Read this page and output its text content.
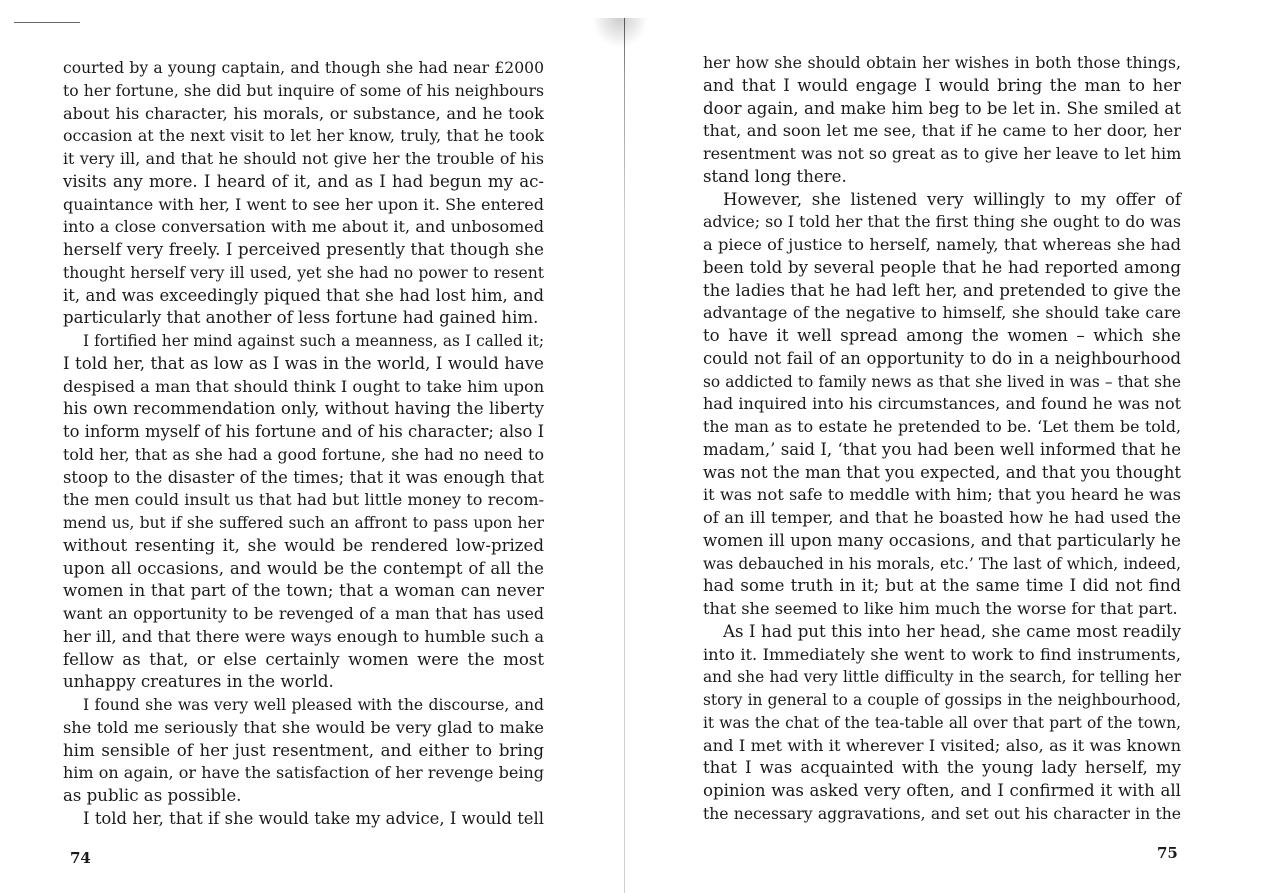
courted by a young captain, and though she had near £2000
to her fortune, she did but inquire of some of his neighbours
about his character, his morals, or substance, and he took
occasion at the next visit to let her know, truly, that he took
it very ill, and that he should not give her the trouble of his
visits any more. I heard of it, and as I had begun my ac-
quaintance with her, I went to see her upon it. She entered
into a close conversation with me about it, and unbosomed
herself very freely. I perceived presently that though she
thought herself very ill used, yet she had no power to resent
it, and was exceedingly piqued that she had lost him, and
particularly that another of less fortune had gained him.
I fortified her mind against such a meanness, as I called it;
I told her, that as low as I was in the world, I would have
despised a man that should think I ought to take him upon
his own recommendation only, without having the liberty
to inform myself of his fortune and of his character; also I
told her, that as she had a good fortune, she had no need to
stoop to the disaster of the times; that it was enough that
the men could insult us that had but little money to recom-
mend us, but if she suffered such an affront to pass upon her
without resenting it, she would be rendered low-prized
upon all occasions, and would be the contempt of all the
women in that part of the town; that a woman can never
want an opportunity to be revenged of a man that has used
her ill, and that there were ways enough to humble such a
fellow as that, or else certainly women were the most
unhappy creatures in the world.
I found she was very well pleased with the discourse, and
she told me seriously that she would be very glad to make
him sensible of her just resentment, and either to bring
him on again, or have the satisfaction of her revenge being
as public as possible.
I told her, that if she would take my advice, I would tell
74
her how she should obtain her wishes in both those things,
and that I would engage I would bring the man to her
door again, and make him beg to be let in. She smiled at
that, and soon let me see, that if he came to her door, her
resentment was not so great as to give her leave to let him
stand long there.
However, she listened very willingly to my offer of
advice; so I told her that the first thing she ought to do was
a piece of justice to herself, namely, that whereas she had
been told by several people that he had reported among
the ladies that he had left her, and pretended to give the
advantage of the negative to himself, she should take care
to have it well spread among the women – which she
could not fail of an opportunity to do in a neighbourhood
so addicted to family news as that she lived in was – that she
had inquired into his circumstances, and found he was not
the man as to estate he pretended to be. ‘Let them be told,
madam,’ said I, ‘that you had been well informed that he
was not the man that you expected, and that you thought
it was not safe to meddle with him; that you heard he was
of an ill temper, and that he boasted how he had used the
women ill upon many occasions, and that particularly he
was debauched in his morals, etc.’ The last of which, indeed,
had some truth in it; but at the same time I did not find
that she seemed to like him much the worse for that part.
As I had put this into her head, she came most readily
into it. Immediately she went to work to find instruments,
and she had very little difficulty in the search, for telling her
story in general to a couple of gossips in the neighbourhood,
it was the chat of the tea-table all over that part of the town,
and I met with it wherever I visited; also, as it was known
that I was acquainted with the young lady herself, my
opinion was asked very often, and I confirmed it with all
the necessary aggravations, and set out his character in the
75
